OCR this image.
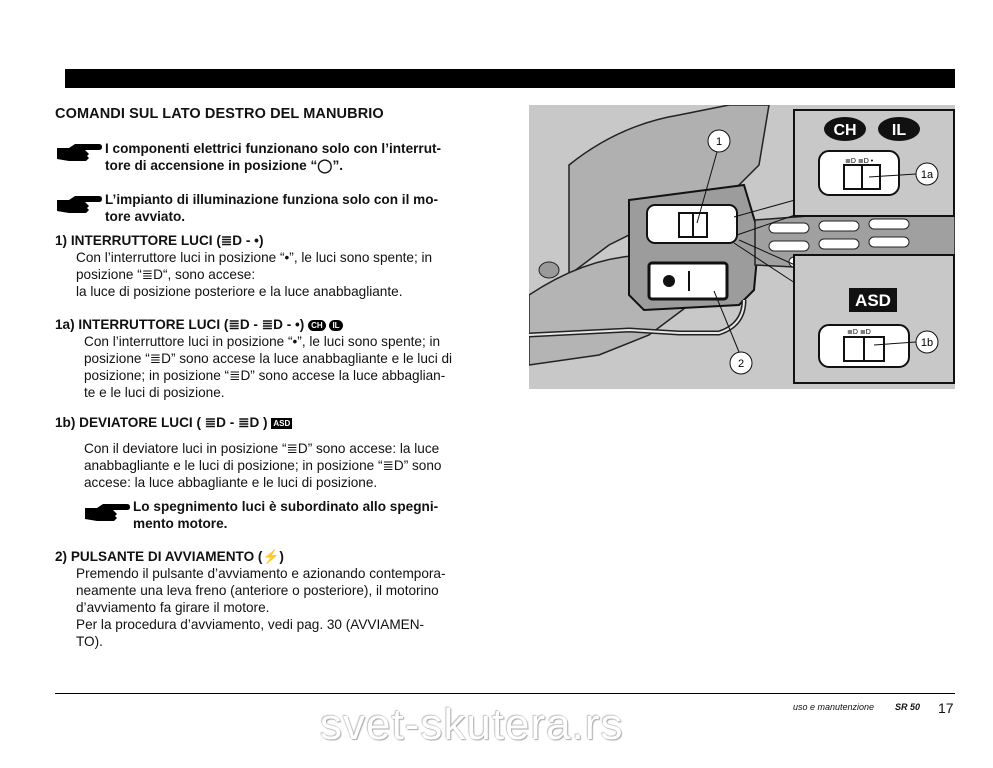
COMANDI SUL LATO DESTRO DEL MANUBRIO
I componenti elettrici funzionano solo con l’interrut-
tore di accensione in posizione “◯”.
L’impianto di illuminazione funziona solo con il mo-
tore avviato.
1) INTERRUTTORE LUCI (≣D - •)
Con l’interruttore luci in posizione “•”, le luci sono spente; in
posizione “≣D“, sono accese:
la luce di posizione posteriore e la luce anabbagliante.
1a) INTERRUTTORE LUCI (≣D - ≣D - •) CH IL
Con l’interruttore luci in posizione “•”, le luci sono spente; in
posizione “≣D” sono accese la luce anabbagliante e le luci di
posizione; in posizione “≣D” sono accese la luce abbaglian-
te e le luci di posizione.
1b) DEVIATORE LUCI ( ≣D - ≣D ) ASD
Con il deviatore luci in posizione “≣D” sono accese: la luce
anabbagliante e le luci di posizione; in posizione “≣D” sono
accese: la luce abbagliante e le luci di posizione.
Lo spegnimento luci è subordinato allo spegni-
mento motore.
2) PULSANTE DI AVVIAMENTO (⚡)
Premendo il pulsante d’avviamento e azionando contempora-
neamente una leva freno (anteriore o posteriore), il motorino
d’avviamento fa girare il motore.
Per la procedura d’avviamento, vedi pag. 30 (AVVIAMEN-
TO).
≣D ≣D •
CH IL
1a
ASD
≣D ≣D
1b
1
2
uso e manutenzione SR 50 17
svet-skutera.rs
